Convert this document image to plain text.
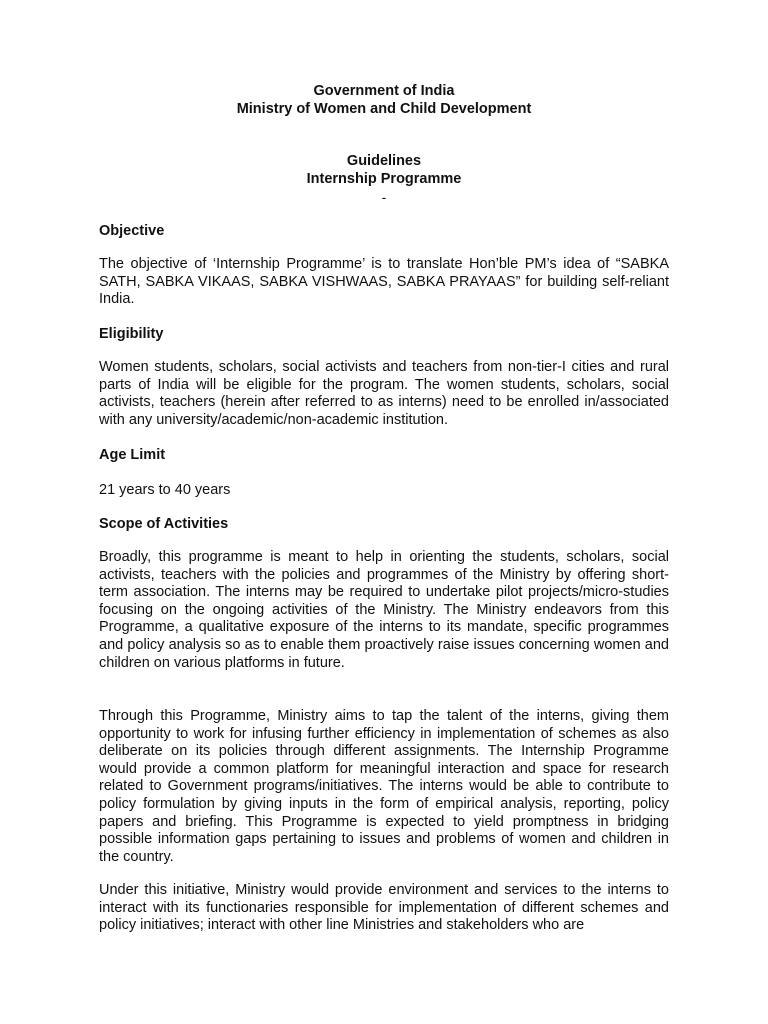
Government of India
Ministry of Women and Child Development
Guidelines
Internship Programme
-
Objective

The objective of ‘Internship Programme’ is to translate Hon’ble PM’s idea of “SABKA SATH, SABKA VIKAAS, SABKA VISHWAAS, SABKA PRAYAAS” for building self-reliant India.

Eligibility

Women students, scholars, social activists and teachers from non-tier-I cities and rural parts of India will be eligible for the program. The women students, scholars, social activists, teachers (herein after referred to as interns) need to be enrolled in/associated with any university/academic/non-academic institution.

Age Limit
21 years to 40 years
Scope of Activities

Broadly, this programme is meant to help in orienting the students, scholars, social activists, teachers with the policies and programmes of the Ministry by offering short-term association. The interns may be required to undertake pilot projects/micro-studies focusing on the ongoing activities of the Ministry. The Ministry endeavors from this Programme, a qualitative exposure of the interns to its mandate, specific programmes and policy analysis so as to enable them proactively raise issues concerning women and children on various platforms in future.

Through this Programme, Ministry aims to tap the talent of the interns, giving them opportunity to work for infusing further efficiency in implementation of schemes as also deliberate on its policies through different assignments. The Internship Programme would provide a common platform for meaningful interaction and space for research related to Government programs/initiatives. The interns would be able to contribute to policy formulation by giving inputs in the form of empirical analysis, reporting, policy papers and briefing. This Programme is expected to yield promptness in bridging possible information gaps pertaining to issues and problems of women and children in the country.

Under this initiative, Ministry would provide environment and services to the interns to interact with its functionaries responsible for implementation of different schemes and policy initiatives; interact with other line Ministries and stakeholders who are
